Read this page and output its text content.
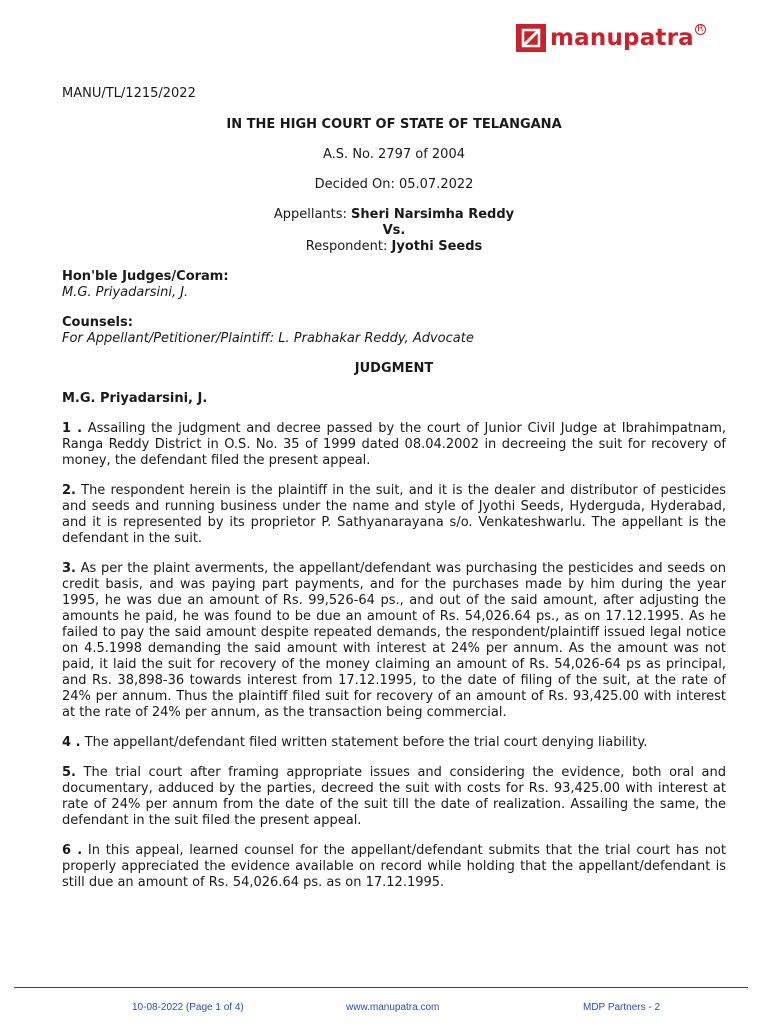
manupatra R
MANU/TL/1215/2022
IN THE HIGH COURT OF STATE OF TELANGANA
A.S. No. 2797 of 2004
Decided On: 05.07.2022
Appellants: Sheri Narsimha Reddy
Vs.
Respondent: Jyothi Seeds
Hon'ble Judges/Coram:
M.G. Priyadarsini, J.
Counsels:
For Appellant/Petitioner/Plaintiff: L. Prabhakar Reddy, Advocate
JUDGMENT
M.G. Priyadarsini, J.

1 . Assailing the judgment and decree passed by the court of Junior Civil Judge at Ibrahimpatnam, Ranga Reddy District in O.S. No. 35 of 1999 dated 08.04.2002 in decreeing the suit for recovery of money, the defendant filed the present appeal.

2. The respondent herein is the plaintiff in the suit, and it is the dealer and distributor of pesticides and seeds and running business under the name and style of Jyothi Seeds, Hyderguda, Hyderabad, and it is represented by its proprietor P. Sathyanarayana s/o. Venkateshwarlu. The appellant is the defendant in the suit.

3. As per the plaint averments, the appellant/defendant was purchasing the pesticides and seeds on credit basis, and was paying part payments, and for the purchases made by him during the year 1995, he was due an amount of Rs. 99,526-64 ps., and out of the said amount, after adjusting the amounts he paid, he was found to be due an amount of Rs. 54,026.64 ps., as on 17.12.1995. As he failed to pay the said amount despite repeated demands, the respondent/plaintiff issued legal notice on 4.5.1998 demanding the said amount with interest at 24% per annum. As the amount was not paid, it laid the suit for recovery of the money claiming an amount of Rs. 54,026-64 ps as principal, and Rs. 38,898-36 towards interest from 17.12.1995, to the date of filing of the suit, at the rate of 24% per annum. Thus the plaintiff filed suit for recovery of an amount of Rs. 93,425.00 with interest at the rate of 24% per annum, as the transaction being commercial.

4 . The appellant/defendant filed written statement before the trial court denying liability.

5. The trial court after framing appropriate issues and considering the evidence, both oral and documentary, adduced by the parties, decreed the suit with costs for Rs. 93,425.00 with interest at rate of 24% per annum from the date of the suit till the date of realization. Assailing the same, the defendant in the suit filed the present appeal.

6 . In this appeal, learned counsel for the appellant/defendant submits that the trial court has not properly appreciated the evidence available on record while holding that the appellant/defendant is still due an amount of Rs. 54,026.64 ps. as on 17.12.1995.

10-08-2022 (Page 1 of 4)	www.manupatra.com	MDP Partners - 2
